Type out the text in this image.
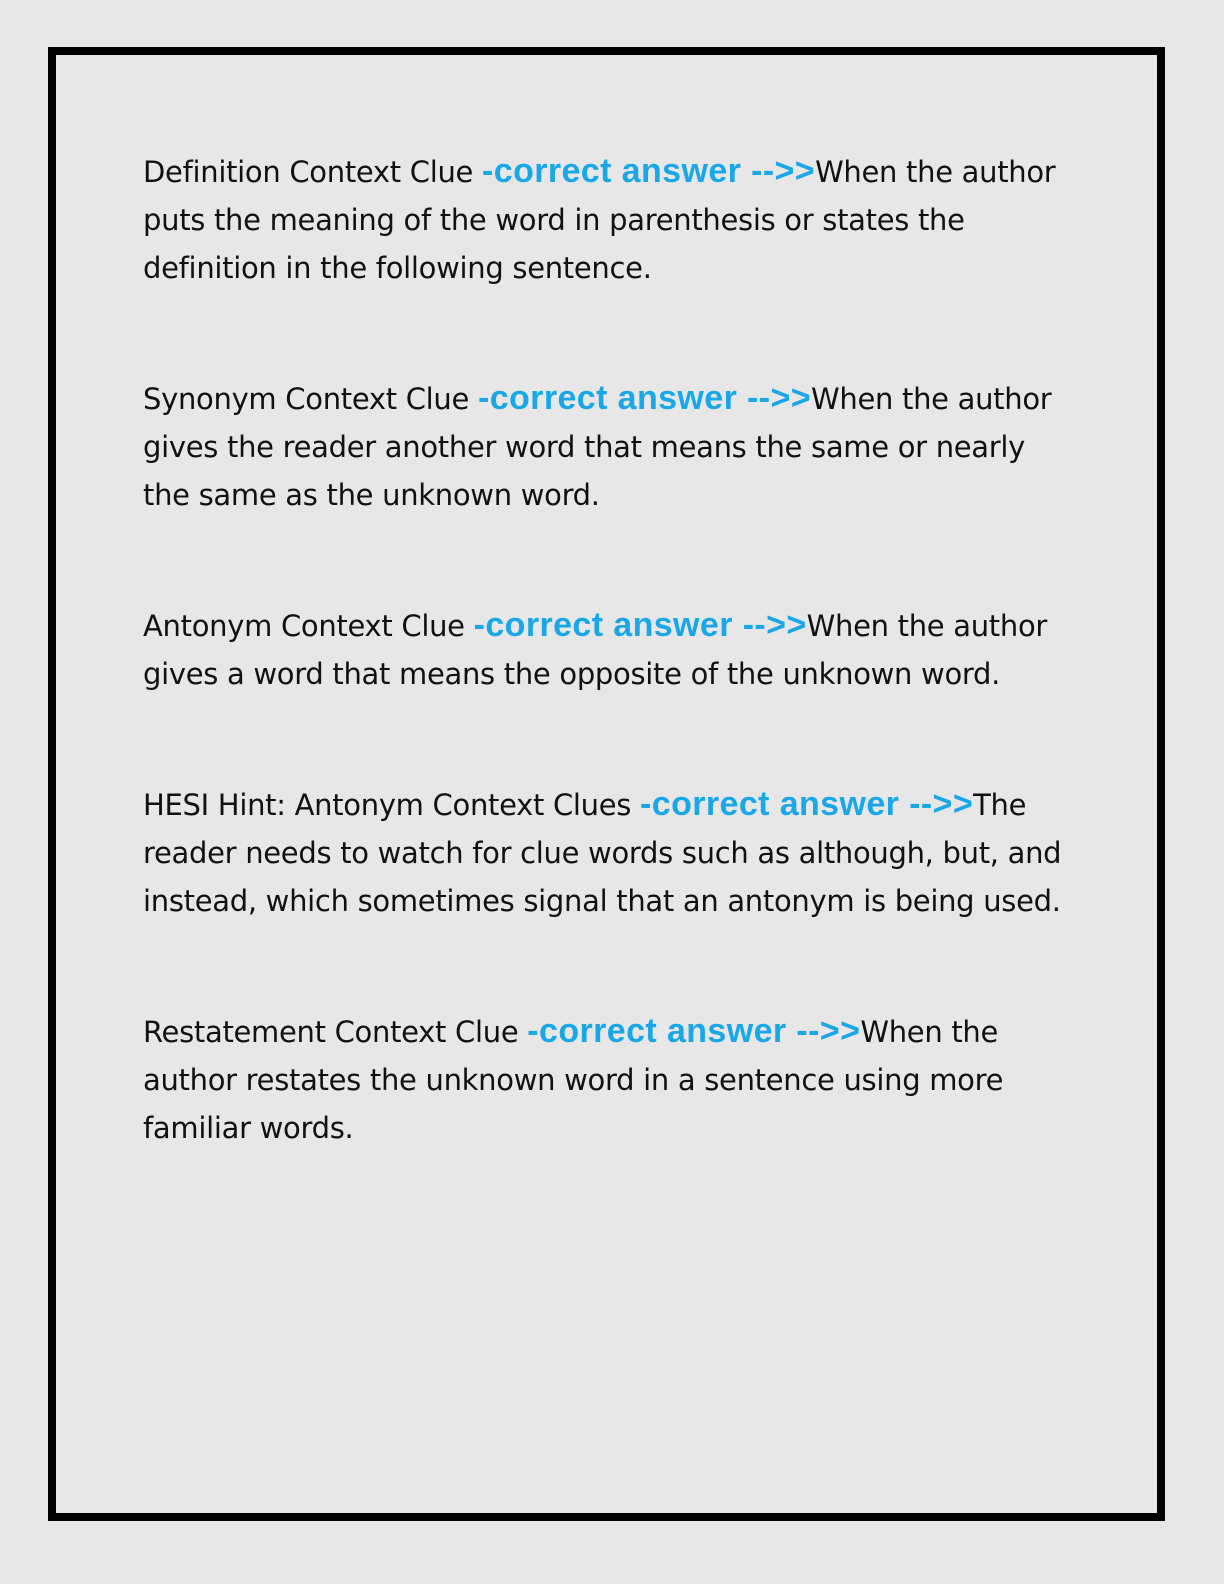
Definition Context Clue -correct answer -->>When the author puts the meaning of the word in parenthesis or states the definition in the following sentence.

Synonym Context Clue -correct answer -->>When the author gives the reader another word that means the same or nearly the same as the unknown word.

Antonym Context Clue -correct answer -->>When the author gives a word that means the opposite of the unknown word.

HESI Hint: Antonym Context Clues -correct answer -->>The reader needs to watch for clue words such as although, but, and instead, which sometimes signal that an antonym is being used.

Restatement Context Clue -correct answer -->>When the author restates the unknown word in a sentence using more familiar words.
